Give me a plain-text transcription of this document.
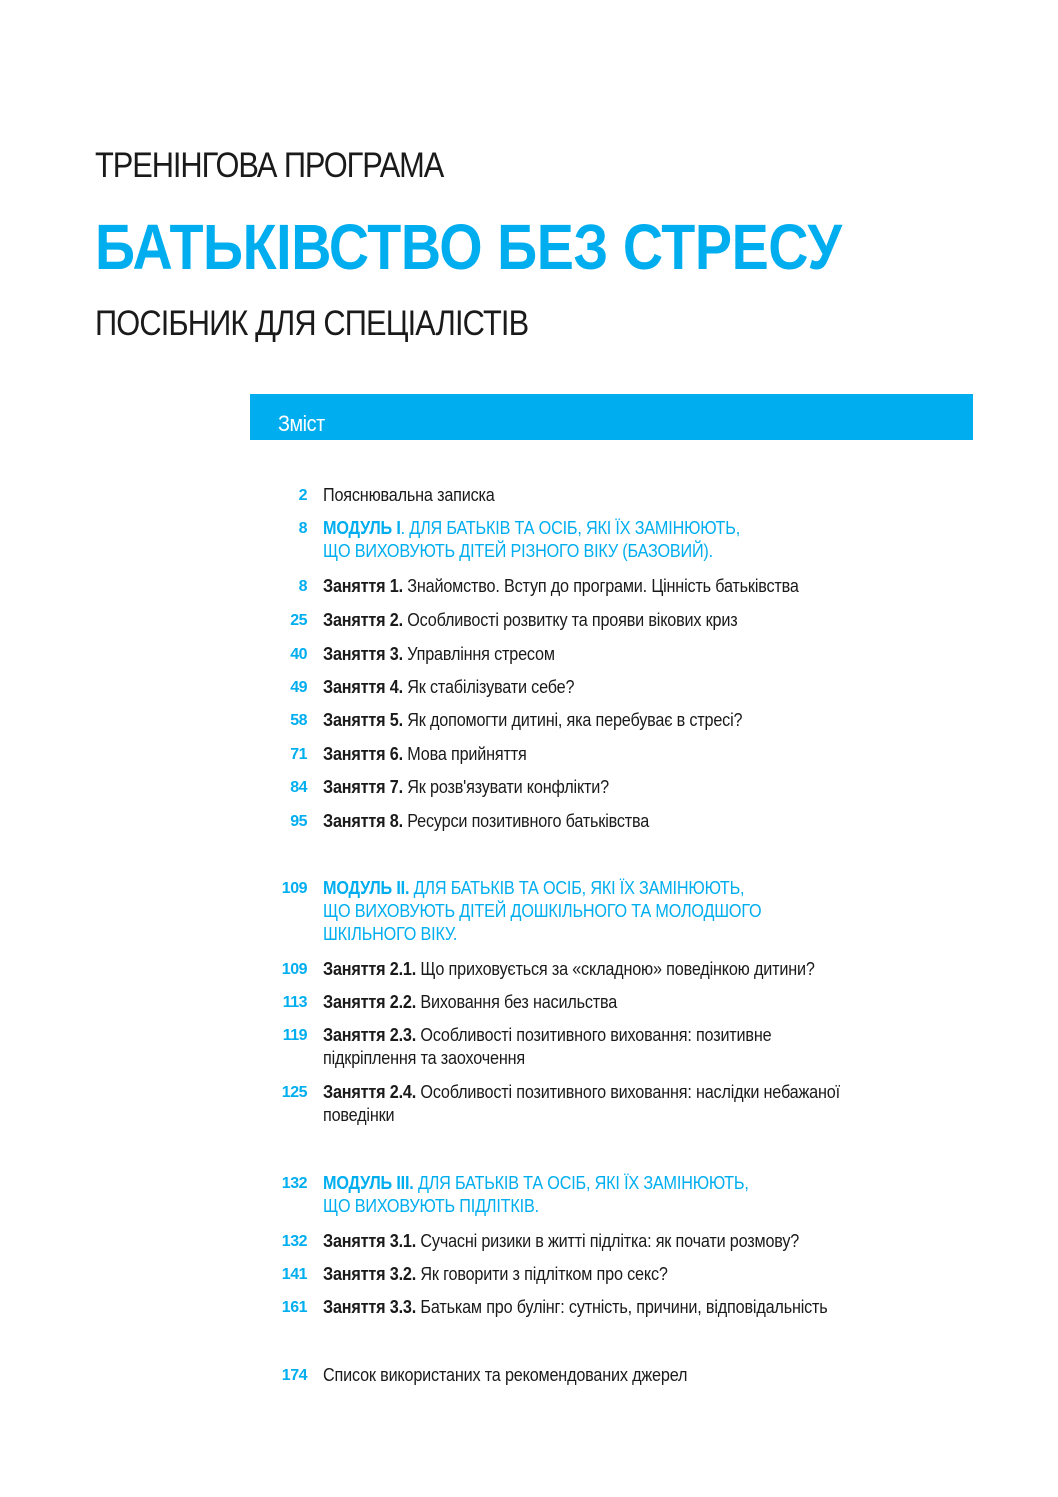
ТРЕНІНГОВА ПРОГРАМА
БАТЬКІВСТВО БЕЗ СТРЕСУ
ПОСІБНИК ДЛЯ СПЕЦІАЛІСТІВ
Зміст
2 Пояснювальна записка
8 МОДУЛЬ І. ДЛЯ БАТЬКІВ ТА ОСІБ, ЯКІ ЇХ ЗАМІНЮЮТЬ,
ЩО ВИХОВУЮТЬ ДІТЕЙ РІЗНОГО ВІКУ (БАЗОВИЙ).
8 Заняття 1. Знайомство. Вступ до програми. Цінність батьківства
25 Заняття 2. Особливості розвитку та прояви вікових криз
40 Заняття 3. Управління стресом
49 Заняття 4. Як стабілізувати себе?
58 Заняття 5. Як допомогти дитині, яка перебуває в стресі?
71 Заняття 6. Мова прийняття
84 Заняття 7. Як розв'язувати конфлікти?
95 Заняття 8. Ресурси позитивного батьківства
109 МОДУЛЬ ІІ. ДЛЯ БАТЬКІВ ТА ОСІБ, ЯКІ ЇХ ЗАМІНЮЮТЬ,
ЩО ВИХОВУЮТЬ ДІТЕЙ ДОШКІЛЬНОГО ТА МОЛОДШОГО
ШКІЛЬНОГО ВІКУ.
109 Заняття 2.1. Що приховується за «складною» поведінкою дитини?
113 Заняття 2.2. Виховання без насильства
119 Заняття 2.3. Особливості позитивного виховання: позитивне
підкріплення та заохочення
125 Заняття 2.4. Особливості позитивного виховання: наслідки небажаної
поведінки
132 МОДУЛЬ ІІІ. ДЛЯ БАТЬКІВ ТА ОСІБ, ЯКІ ЇХ ЗАМІНЮЮТЬ,
ЩО ВИХОВУЮТЬ ПІДЛІТКІВ.
132 Заняття 3.1. Сучасні ризики в житті підлітка: як почати розмову?
141 Заняття 3.2. Як говорити з підлітком про секс?
161 Заняття 3.3. Батькам про булінг: сутність, причини, відповідальність
174 Список використаних та рекомендованих джерел
